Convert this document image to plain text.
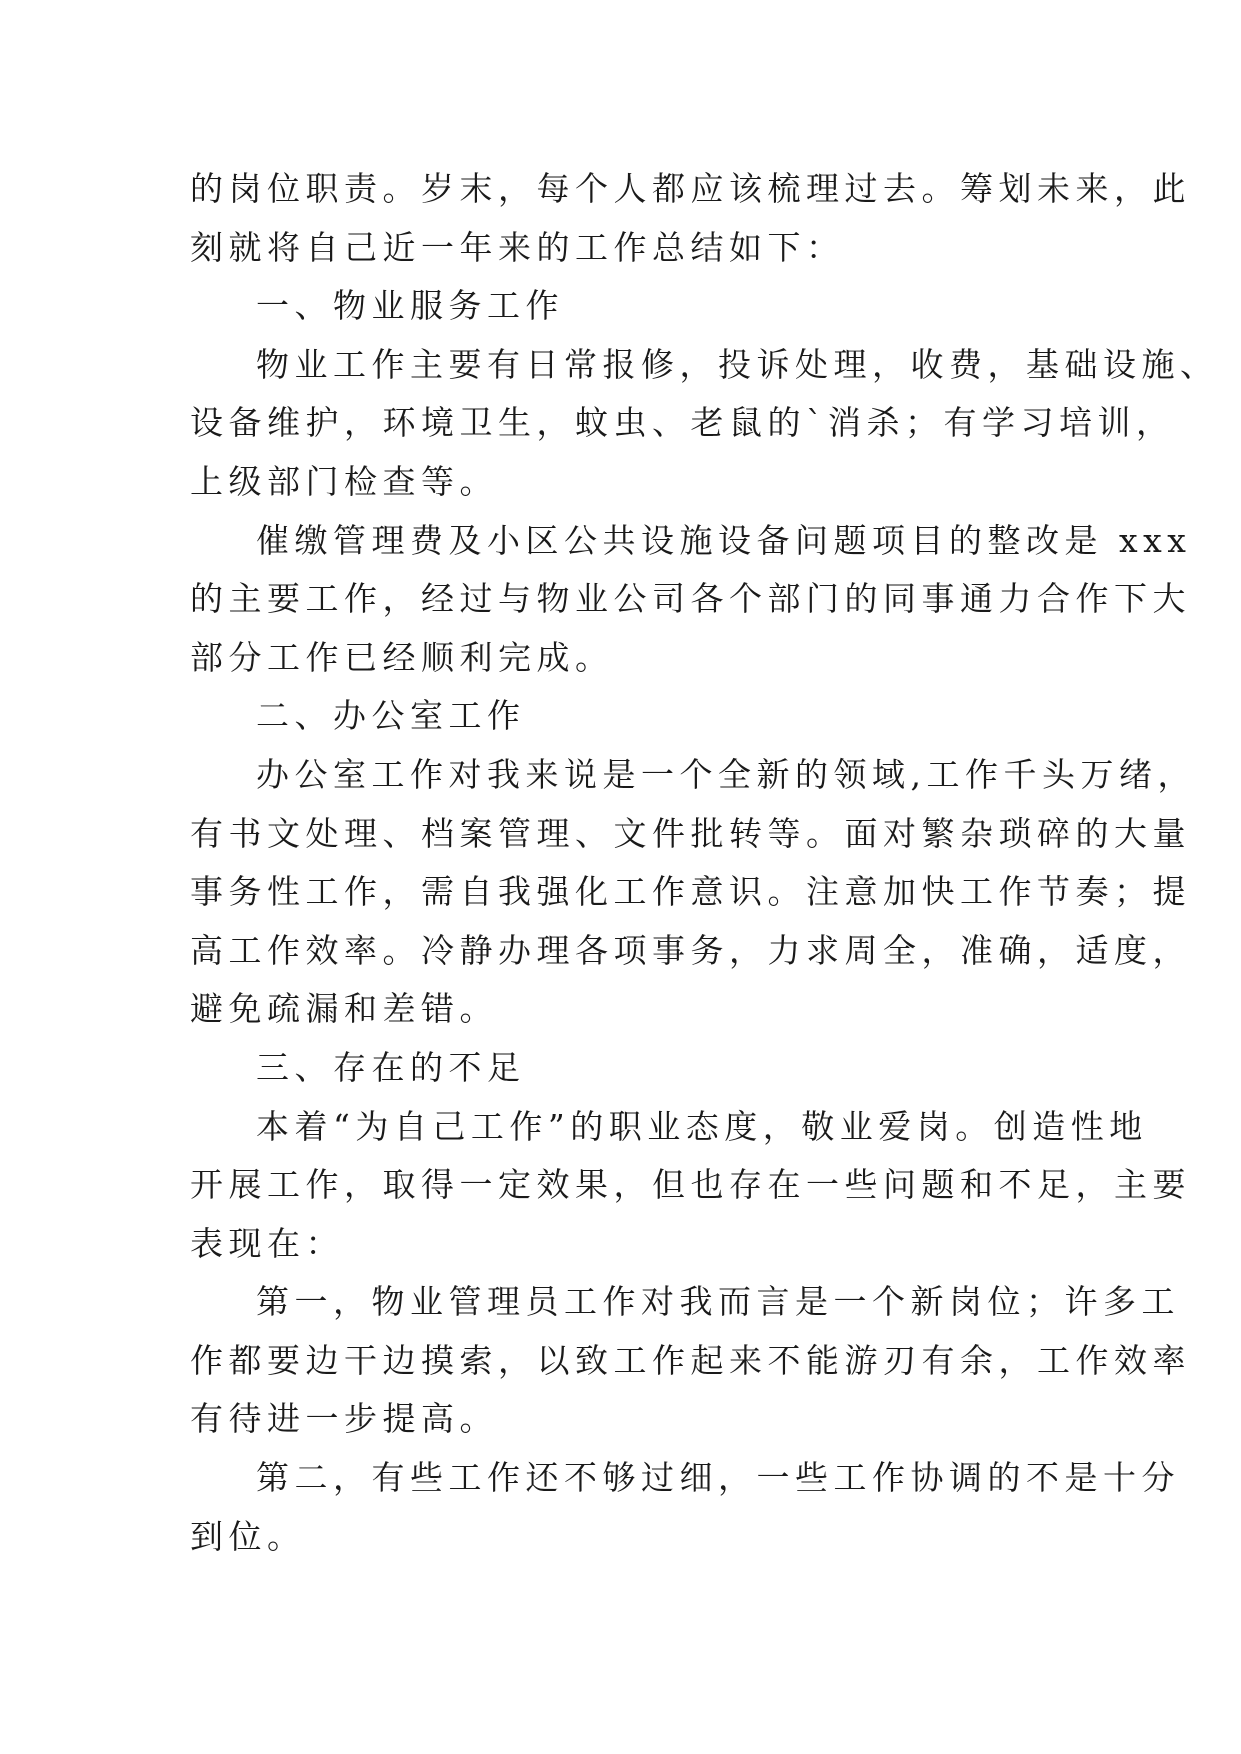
的岗位职责。岁末，每个人都应该梳理过去。筹划未来，此
刻就将自己近一年来的工作总结如下：
一、物业服务工作
物业工作主要有日常报修，投诉处理，收费，基础设施、
设备维护，环境卫生，蚊虫、老鼠的`消杀；有学习培训，
上级部门检查等。
催缴管理费及小区公共设施设备问题项目的整改是 xxx
的主要工作，经过与物业公司各个部门的同事通力合作下大
部分工作已经顺利完成。
二、办公室工作
办公室工作对我来说是一个全新的领域,工作千头万绪，
有书文处理、档案管理、文件批转等。面对繁杂琐碎的大量
事务性工作，需自我强化工作意识。注意加快工作节奏；提
高工作效率。冷静办理各项事务，力求周全，准确，适度，
避免疏漏和差错。
三、存在的不足
本着“为自己工作”的职业态度，敬业爱岗。创造性地
开展工作，取得一定效果，但也存在一些问题和不足，主要
表现在：
第一，物业管理员工作对我而言是一个新岗位；许多工
作都要边干边摸索，以致工作起来不能游刃有余，工作效率
有待进一步提高。
第二，有些工作还不够过细，一些工作协调的不是十分
到位。
